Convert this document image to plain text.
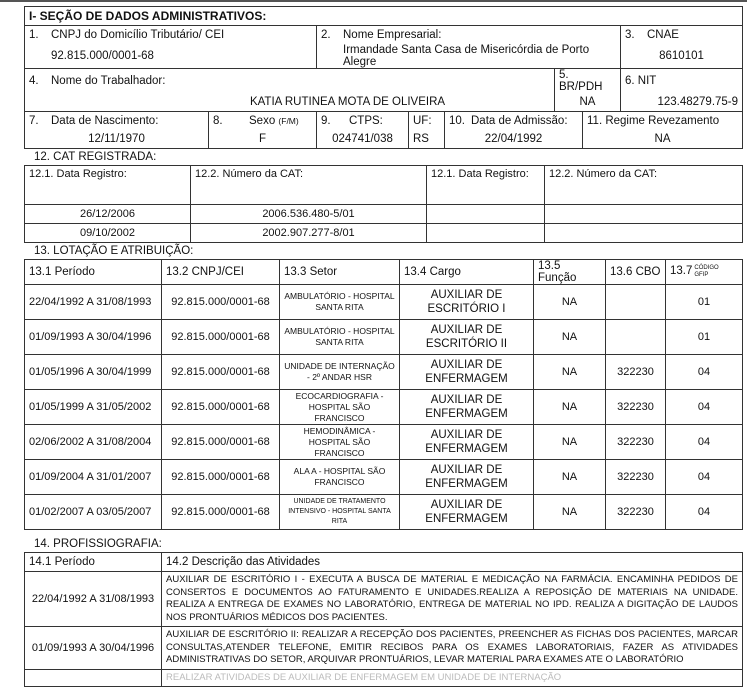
I- SEÇÃO DE DADOS ADMINISTRATIVOS:							
1. CNPJ do Domicílio Tributário/ CEI		2. Nome Empresarial:					3. CNAE
92.815.000/0001-68		Irmandade Santa Casa de Misericórdia de Porto Alegre					8610101
4. Nome do Trabalhador:					5.BR/PDH		6. NIT
KATIA RUTINEA MOTA DE OLIVEIRA					NA		123.48279.75-9
7. Data de Nascimento:	8. Sexo (F/M)	9. CTPS:	UF:	10. Data de Admissão:		11. Regime Revezamento	
12/11/1970	F	024741/038	RS	22/04/1992		NA	
12. CAT REGISTRADA:
12.1. Data Registro:	12.2. Número da CAT:	12.1. Data Registro:	12.2. Número da CAT:
26/12/2006	2006.536.480-5/01		
09/10/2002	2002.907.277-8/01		
13. LOTAÇÃO E ATRIBUIÇÃO:
13.1 Período	13.2 CNPJ/CEI	13.3 Setor	13.4 Cargo	13.5 Função	13.6 CBO	13.7 CÓDIGO GFIP
22/04/1992 A 31/08/1993	92.815.000/0001-68	AMBULATÓRIO - HOSPITAL SANTA RITA	AUXILIAR DE ESCRITÓRIO I	NA		01
01/09/1993 A 30/04/1996	92.815.000/0001-68	AMBULATÓRIO - HOSPITAL SANTA RITA	AUXILIAR DE ESCRITÓRIO II	NA		01
01/05/1996 A 30/04/1999	92.815.000/0001-68	UNIDADE DE INTERNAÇÃO - 2º ANDAR HSR	AUXILIAR DE ENFERMAGEM	NA	322230	04
01/05/1999 A 31/05/2002	92.815.000/0001-68	ECOCARDIOGRAFIA - HOSPITAL SÃO FRANCISCO	AUXILIAR DE ENFERMAGEM	NA	322230	04
02/06/2002 A 31/08/2004	92.815.000/0001-68	HEMODINÂMICA - HOSPITAL SÃO FRANCISCO	AUXILIAR DE ENFERMAGEM	NA	322230	04
01/09/2004 A 31/01/2007	92.815.000/0001-68	ALA A - HOSPITAL SÃO FRANCISCO	AUXILIAR DE ENFERMAGEM	NA	322230	04
01/02/2007 A 03/05/2007	92.815.000/0001-68	UNIDADE DE TRATAMENTO INTENSIVO - HOSPITAL SANTA RITA	AUXILIAR DE ENFERMAGEM	NA	322230	04
14. PROFISSIOGRAFIA:
14.1 Período	14.2 Descrição das Atividades
22/04/1992 A 31/08/1993	AUXILIAR DE ESCRITÓRIO I - EXECUTA A BUSCA DE MATERIAL E MEDICAÇÃO NA FARMÁCIA. ENCAMINHA PEDIDOS DE CONSERTOS E DOCUMENTOS AO FATURAMENTO E UNIDADES.REALIZA A REPOSIÇÃO DE MATERIAIS NA UNIDADE. REALIZA A ENTREGA DE EXAMES NO LABORATÓRIO, ENTREGA DE MATERIAL NO IPD. REALIZA A DIGITAÇÃO DE LAUDOS NOS PRONTUÁRIOS MÉDICOS DOS PACIENTES.
01/09/1993 A 30/04/1996	AUXILIAR DE ESCRITÓRIO II: REALIZAR A RECEPÇÃO DOS PACIENTES, PREENCHER AS FICHAS DOS PACIENTES, MARCAR CONSULTAS,ATENDER TELEFONE, EMITIR RECIBOS PARA OS EXAMES LABORATORIAIS, FAZER AS ATIVIDADES ADMINISTRATIVAS DO SETOR, ARQUIVAR PRONTUÁRIOS, LEVAR MATERIAL PARA EXAMES ATE O LABORATÓRIO
	REALIZAR ATIVIDADES DE AUXILIAR DE ENFERMAGEM EM UNIDADE DE INTERNAÇÃO
